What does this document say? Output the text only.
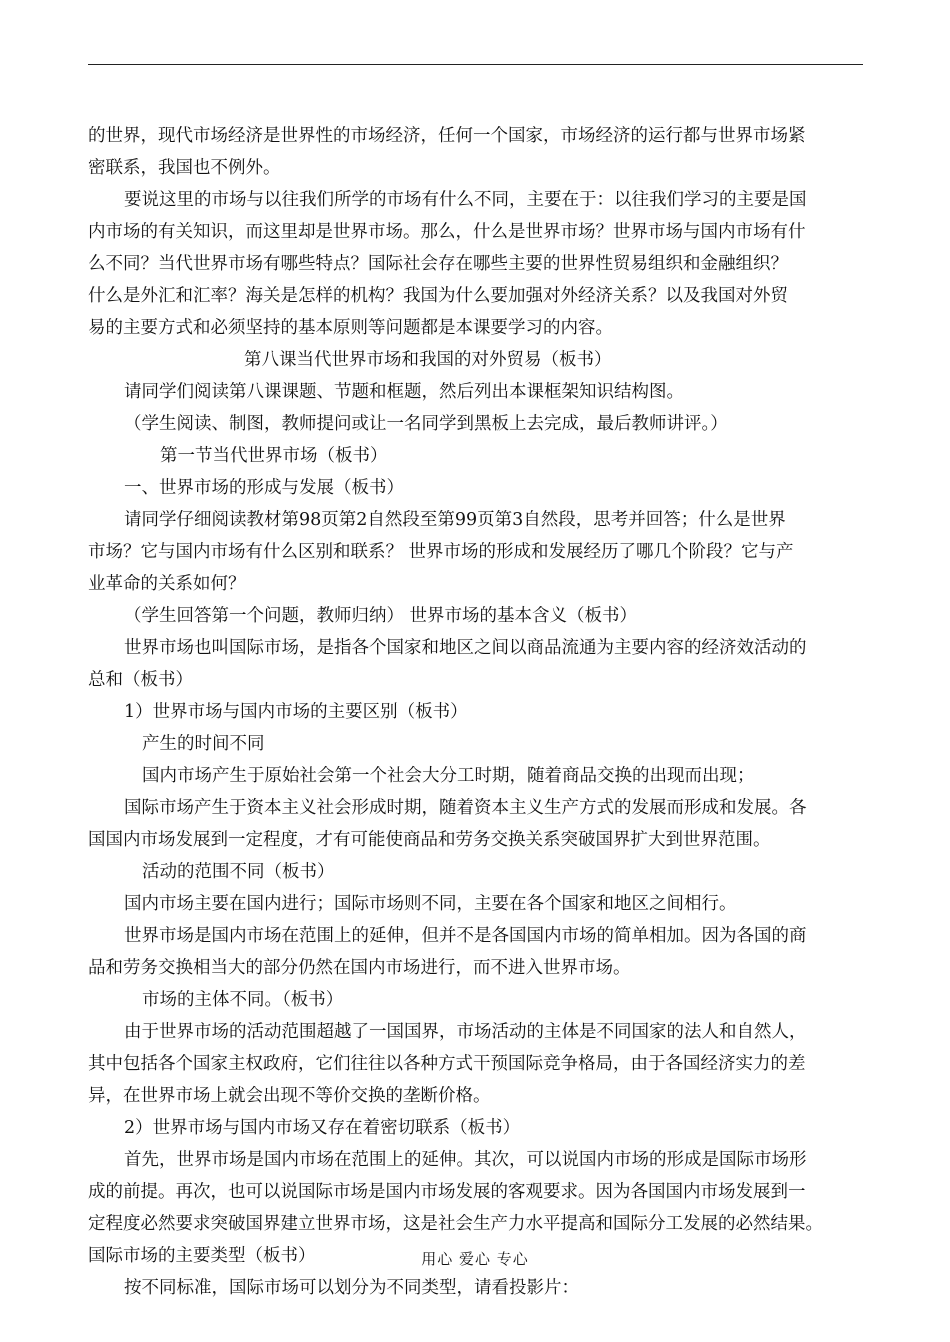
的世界，现代市场经济是世界性的市场经济，任何一个国家，市场经济的运行都与世界市场紧
密联系，我国也不例外。
要说这里的市场与以往我们所学的市场有什么不同，主要在于：以往我们学习的主要是国
内市场的有关知识，而这里却是世界市场。那么，什么是世界市场？世界市场与国内市场有什
么不同？当代世界市场有哪些特点？国际社会存在哪些主要的世界性贸易组织和金融组织？
什么是外汇和汇率？海关是怎样的机构？我国为什么要加强对外经济关系？以及我国对外贸
易的主要方式和必须坚持的基本原则等问题都是本课要学习的内容。
第八课当代世界市场和我国的对外贸易（板书）
请同学们阅读第八课课题、节题和框题，然后列出本课框架知识结构图。
（学生阅读、制图，教师提问或让一名同学到黑板上去完成，最后教师讲评。）
第一节当代世界市场（板书）
一、世界市场的形成与发展（板书）
请同学仔细阅读教材第98页第2自然段至第99页第3自然段，思考并回答；什么是世界
市场？它与国内市场有什么区别和联系？ 世界市场的形成和发展经历了哪几个阶段？它与产
业革命的关系如何？
（学生回答第一个问题，教师归纳） 世界市场的基本含义（板书）
世界市场也叫国际市场，是指各个国家和地区之间以商品流通为主要内容的经济效活动的
总和（板书）
1）世界市场与国内市场的主要区别（板书）
产生的时间不同
国内市场产生于原始社会第一个社会大分工时期，随着商品交换的出现而出现；
国际市场产生于资本主义社会形成时期，随着资本主义生产方式的发展而形成和发展。各
国国内市场发展到一定程度，才有可能使商品和劳务交换关系突破国界扩大到世界范围。
活动的范围不同（板书）
国内市场主要在国内进行；国际市场则不同，主要在各个国家和地区之间相行。
世界市场是国内市场在范围上的延伸，但并不是各国国内市场的简单相加。因为各国的商
品和劳务交换相当大的部分仍然在国内市场进行，而不进入世界市场。
市场的主体不同。（板书）
由于世界市场的活动范围超越了一国国界，市场活动的主体是不同国家的法人和自然人，
其中包括各个国家主权政府，它们往往以各种方式干预国际竞争格局，由于各国经济实力的差
异，在世界市场上就会出现不等价交换的垄断价格。
2）世界市场与国内市场又存在着密切联系（板书）
首先，世界市场是国内市场在范围上的延伸。其次，可以说国内市场的形成是国际市场形
成的前提。再次，也可以说国际市场是国内市场发展的客观要求。因为各国国内市场发展到一
定程度必然要求突破国界建立世界市场，这是社会生产力水平提高和国际分工发展的必然结果。
国际市场的主要类型（板书）
按不同标准，国际市场可以划分为不同类型，请看投影片：
用心 爱心 专心
